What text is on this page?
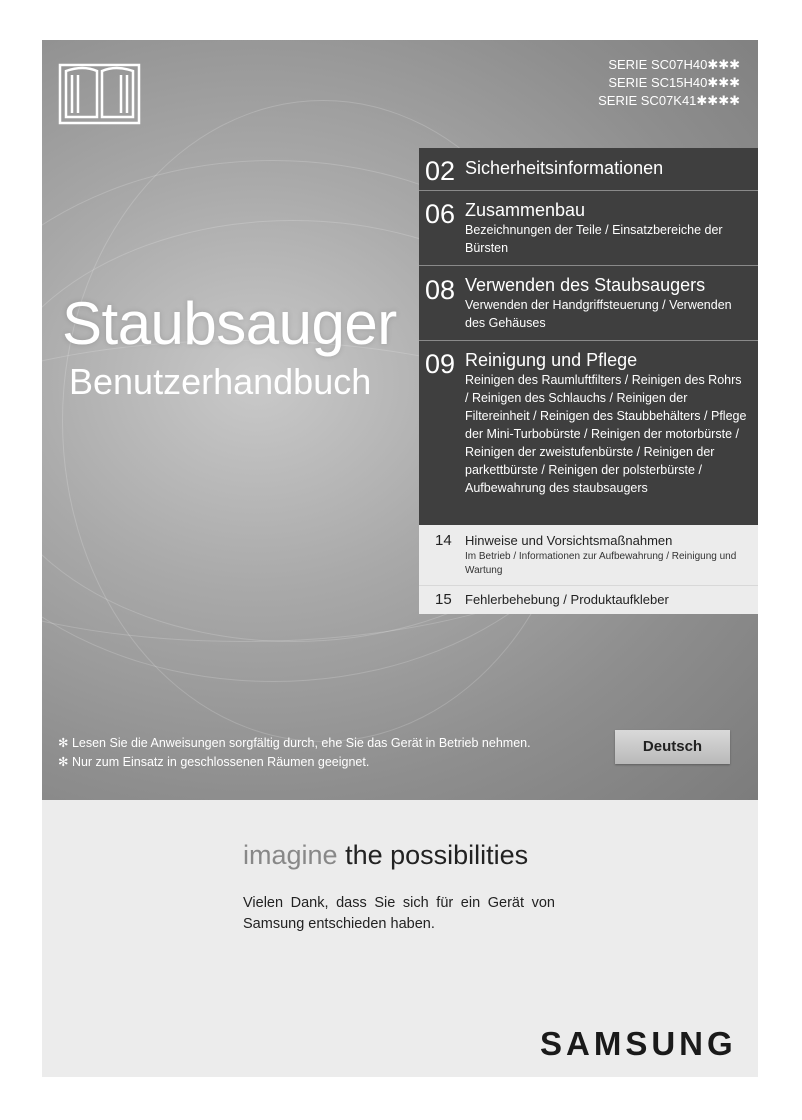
SERIE SC07H40✱✱✱
SERIE SC15H40✱✱✱
SERIE SC07K41✱✱✱✱
Staubsauger
Benutzerhandbuch
02 Sicherheitsinformationen
06 Zusammenbau
Bezeichnungen der Teile / Einsatzbereiche der Bürsten
08 Verwenden des Staubsaugers
Verwenden der Handgriffsteuerung / Verwenden des Gehäuses
09 Reinigung und Pflege
Reinigen des Raumluftfilters / Reinigen des Rohrs / Reinigen des Schlauchs / Reinigen der Filtereinheit / Reinigen des Staubbehälters / Pflege der Mini-Turbobürste / Reinigen der motorbürste / Reinigen der zweistufenbürste / Reinigen der parkettbürste / Reinigen der polsterbürste / Aufbewahrung des staubsaugers
14 Hinweise und Vorsichtsmaßnahmen
Im Betrieb / Informationen zur Aufbewahrung / Reinigung und Wartung
15 Fehlerbehebung / Produktaufkleber
✻ Lesen Sie die Anweisungen sorgfältig durch, ehe Sie das Gerät in Betrieb nehmen.
✻ Nur zum Einsatz in geschlossenen Räumen geeignet.
Deutsch
imagine the possibilities
Vielen Dank, dass Sie sich für ein Gerät von Samsung entschieden haben.
SAMSUNG
